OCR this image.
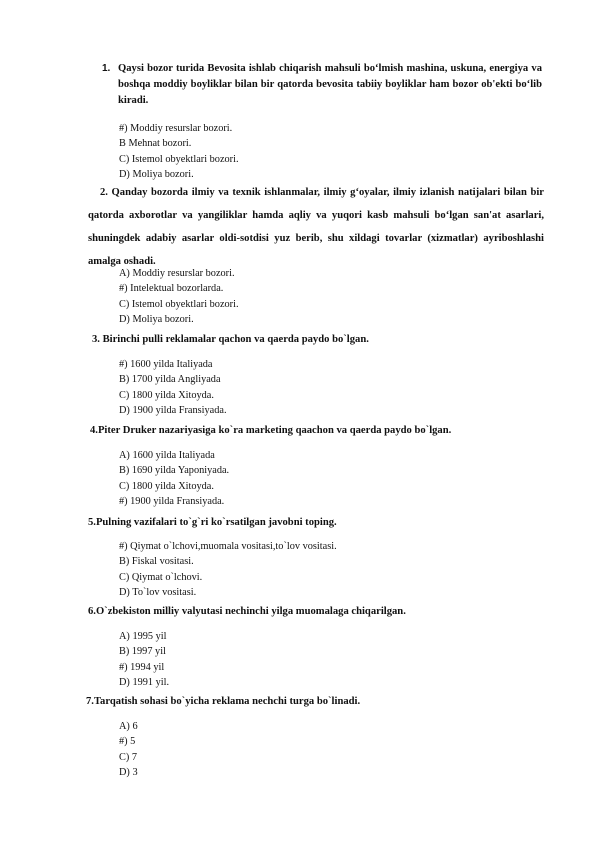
1. Qaysi bozor turida Bevosita ishlab chiqarish mahsuli bo‘lmish mashina, uskuna, energiya va boshqa moddiy boyliklar bilan bir qatorda bevosita tabiiy boyliklar ham bozor ob'ekti bo‘lib kiradi.
#) Moddiy resurslar bozori.
B Mehnat bozori.
C) Istemol obyektlari bozori.
D) Moliya bozori.
2. Qanday bozorda ilmiy va texnik ishlanmalar, ilmiy g‘oyalar, ilmiy izlanish natijalari bilan bir qatorda axborotlar va yangiliklar hamda aqliy va yuqori kasb mahsuli bo‘lgan san'at asarlari, shuningdek adabiy asarlar oldi-sotdisi yuz berib, shu xildagi tovarlar (xizmatlar) ayriboshlashi amalga oshadi.
A) Moddiy resurslar bozori.
#) Intelektual bozorlarda.
C) Istemol obyektlari bozori.
D) Moliya bozori.
3. Birinchi pulli reklamalar qachon va qaerda paydo bo`lgan.
#) 1600 yilda Italiyada
B) 1700 yilda Angliyada
C) 1800 yilda Xitoyda.
D) 1900 yilda Fransiyada.
4.Piter Druker nazariyasiga ko`ra marketing qaachon va qaerda paydo bo`lgan.
A) 1600 yilda Italiyada
B) 1690 yilda Yaponiyada.
C) 1800 yilda Xitoyda.
#) 1900 yilda Fransiyada.
5.Pulning vazifalari to`g`ri ko`rsatilgan javobni toping.
#) Qiymat o`lchovi,muomala vositasi,to`lov vositasi.
B) Fiskal vositasi.
C) Qiymat o`lchovi.
D) To`lov vositasi.
6.O`zbekiston milliy valyutasi nechinchi yilga muomalaga chiqarilgan.
A) 1995 yil
B) 1997 yil
#) 1994 yil
D) 1991 yil.
7.Tarqatish sohasi bo`yicha reklama nechchi turga bo`linadi.
A) 6
#) 5
C) 7
D) 3
